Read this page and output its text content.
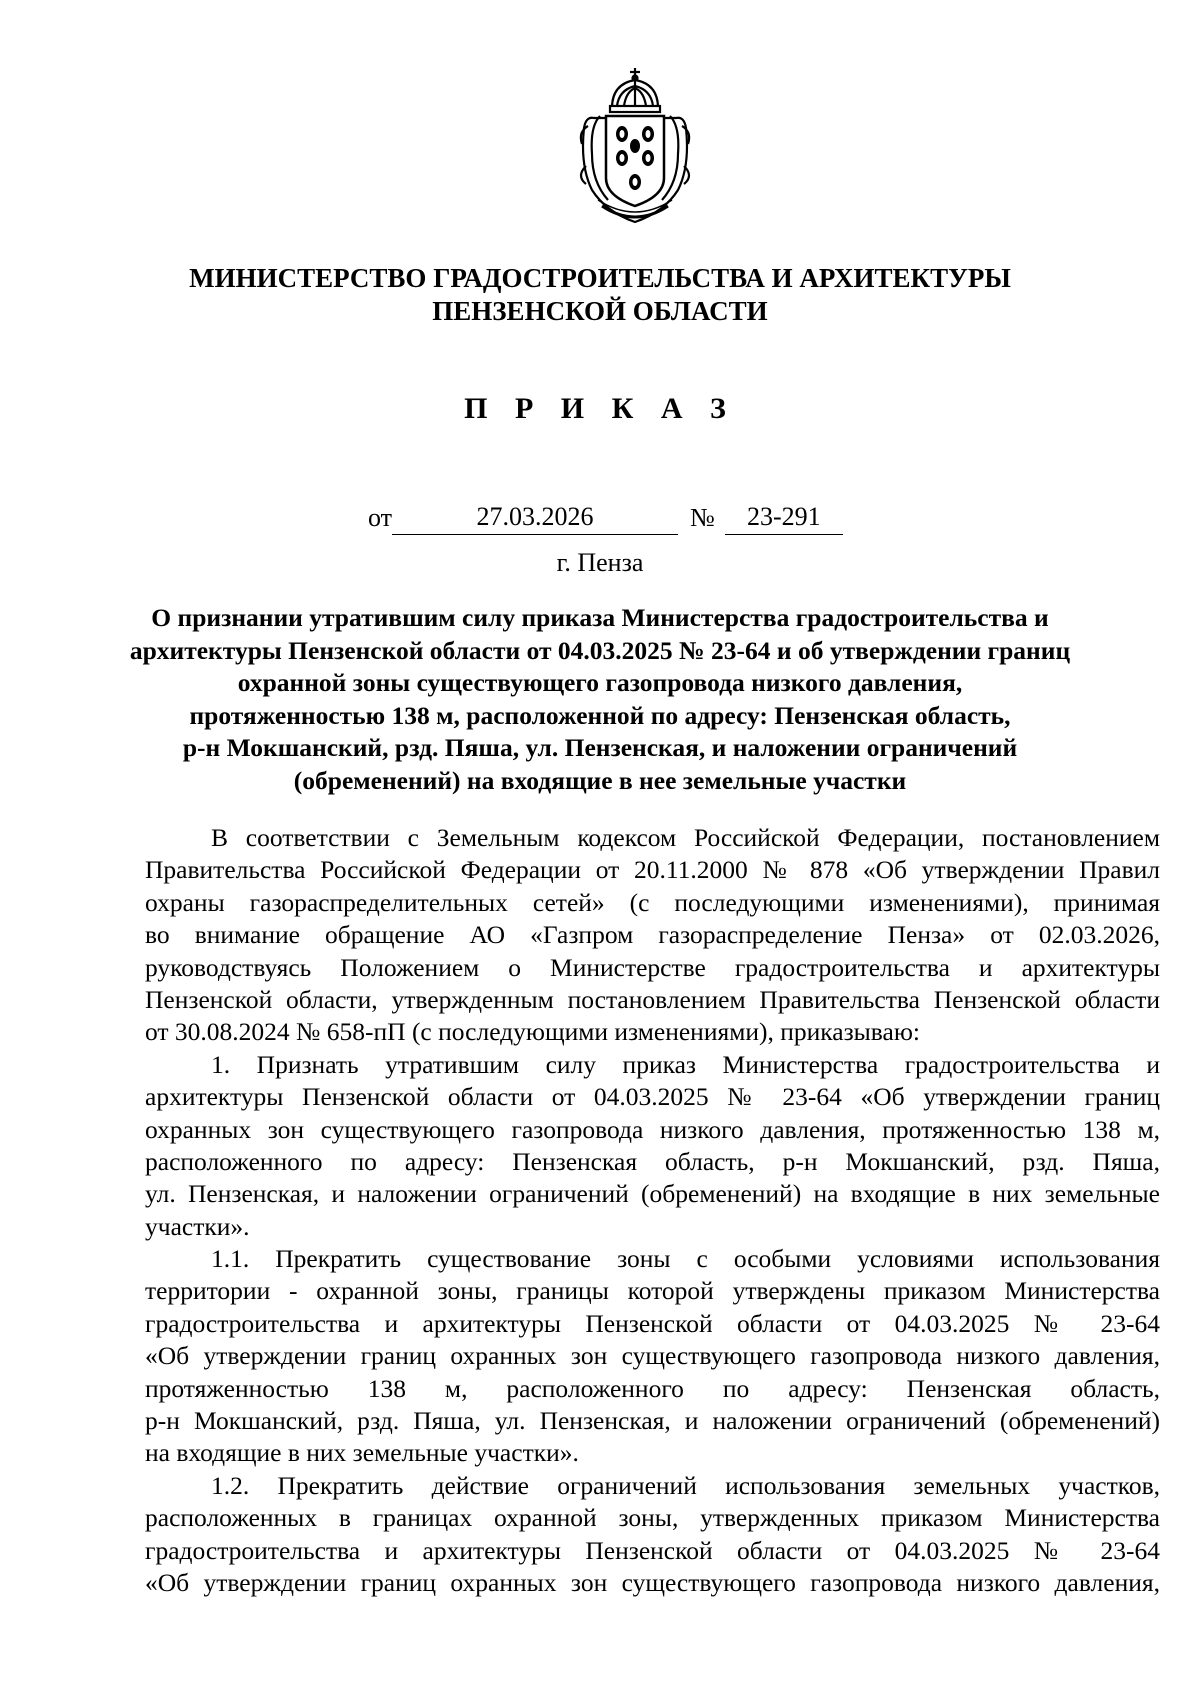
МИНИСТЕРСТВО ГРАДОСТРОИТЕЛЬСТВА И АРХИТЕКТУРЫ
ПЕНЗЕНСКОЙ ОБЛАСТИ
П Р И К А З
от	27.03.2026	№ 23-291
г. Пенза
О признании утратившим силу приказа Министерства градостроительства и
архитектуры Пензенской области от 04.03.2025 № 23-64 и об утверждении границ
охранной зоны существующего газопровода низкого давления,
протяженностью 138 м, расположенной по адресу: Пензенская область,
р-н Мокшанский, рзд. Пяша, ул. Пензенская, и наложении ограничений
(обременений) на входящие в нее земельные участки
В соответствии с Земельным кодексом Российской Федерации, постановлением
Правительства Российской Федерации от 20.11.2000 № 878 «Об утверждении Правил
охраны газораспределительных сетей» (с последующими изменениями), принимая
во внимание обращение АО «Газпром газораспределение Пенза» от 02.03.2026,
руководствуясь Положением о Министерстве градостроительства и архитектуры
Пензенской области, утвержденным постановлением Правительства Пензенской области
от 30.08.2024 № 658-пП (с последующими изменениями), приказываю:
1. Признать утратившим силу приказ Министерства градостроительства и
архитектуры Пензенской области от 04.03.2025 № 23-64 «Об утверждении границ
охранных зон существующего газопровода низкого давления, протяженностью 138 м,
расположенного по адресу: Пензенская область, р-н Мокшанский, рзд. Пяша,
ул. Пензенская, и наложении ограничений (обременений) на входящие в них земельные
участки».
1.1. Прекратить существование зоны с особыми условиями использования
территории - охранной зоны, границы которой утверждены приказом Министерства
градостроительства и архитектуры Пензенской области от 04.03.2025 № 23-64
«Об утверждении границ охранных зон существующего газопровода низкого давления,
протяженностью 138 м, расположенного по адресу: Пензенская область,
р-н Мокшанский, рзд. Пяша, ул. Пензенская, и наложении ограничений (обременений)
на входящие в них земельные участки».
1.2. Прекратить действие ограничений использования земельных участков,
расположенных в границах охранной зоны, утвержденных приказом Министерства
градостроительства и архитектуры Пензенской области от 04.03.2025 № 23-64
«Об утверждении границ охранных зон существующего газопровода низкого давления,
